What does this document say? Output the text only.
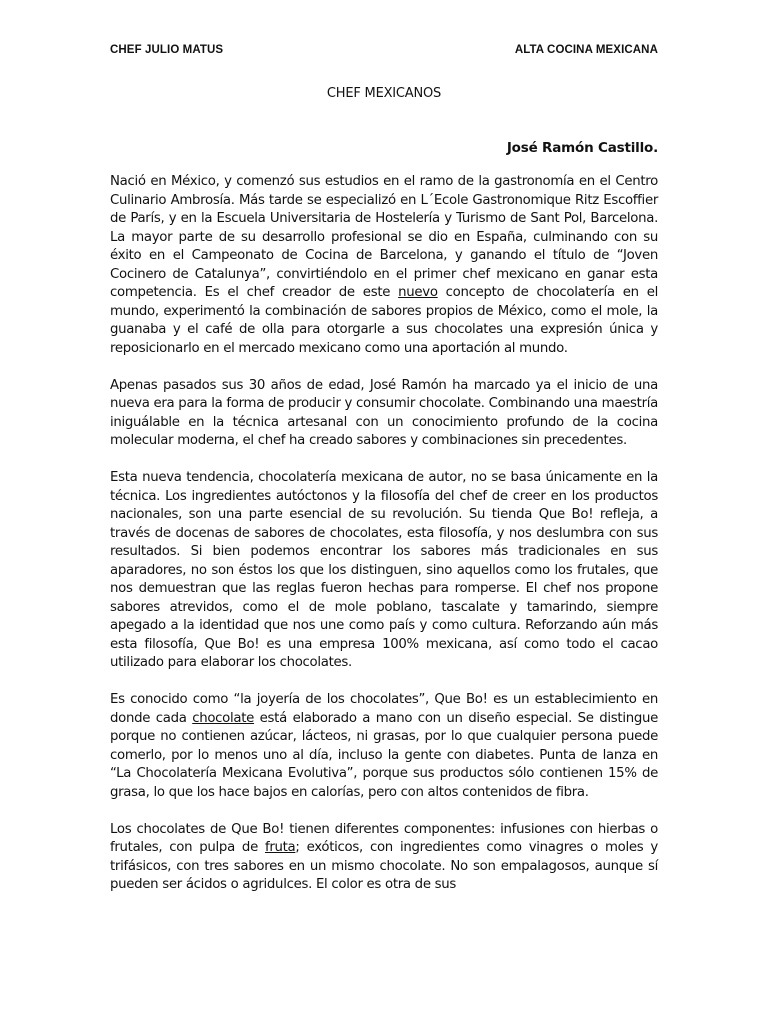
CHEF JULIO MATUS	ALTA COCINA MEXICANA
CHEF MEXICANOS
José Ramón Castillo.

Nació en México, y comenzó sus estudios en el ramo de la gastronomía en el Centro Culinario Ambrosía. Más tarde se especializó en L´Ecole Gastronomique Ritz Escoffier de París, y en la Escuela Universitaria de Hostelería y Turismo de Sant Pol, Barcelona. La mayor parte de su desarrollo profesional se dio en España, culminando con su éxito en el Campeonato de Cocina de Barcelona, y ganando el título de “Joven Cocinero de Catalunya”, convirtiéndolo en el primer chef mexicano en ganar esta competencia. Es el chef creador de este nuevo concepto de chocolatería en el mundo, experimentó la combinación de sabores propios de México, como el mole, la guanaba y el café de olla para otorgarle a sus chocolates una expresión única y reposicionarlo en el mercado mexicano como una aportación al mundo.

Apenas pasados sus 30 años de edad, José Ramón ha marcado ya el inicio de una nueva era para la forma de producir y consumir chocolate. Combinando una maestría iniguálable en la técnica artesanal con un conocimiento profundo de la cocina molecular moderna, el chef ha creado sabores y combinaciones sin precedentes.

Esta nueva tendencia, chocolatería mexicana de autor, no se basa únicamente en la técnica. Los ingredientes autóctonos y la filosofía del chef de creer en los productos nacionales, son una parte esencial de su revolución. Su tienda Que Bo! refleja, a través de docenas de sabores de chocolates, esta filosofía, y nos deslumbra con sus resultados. Si bien podemos encontrar los sabores más tradicionales en sus aparadores, no son éstos los que los distinguen, sino aquellos como los frutales, que nos demuestran que las reglas fueron hechas para romperse. El chef nos propone sabores atrevidos, como el de mole poblano, tascalate y tamarindo, siempre apegado a la identidad que nos une como país y como cultura. Reforzando aún más esta filosofía, Que Bo! es una empresa 100% mexicana, así como todo el cacao utilizado para elaborar los chocolates.

Es conocido como “la joyería de los chocolates”, Que Bo! es un establecimiento en donde cada chocolate está elaborado a mano con un diseño especial. Se distingue porque no contienen azúcar, lácteos, ni grasas, por lo que cualquier persona puede comerlo, por lo menos uno al día, incluso la gente con diabetes. Punta de lanza en “La Chocolatería Mexicana Evolutiva”, porque sus productos sólo contienen 15% de grasa, lo que los hace bajos en calorías, pero con altos contenidos de fibra.

Los chocolates de Que Bo! tienen diferentes componentes: infusiones con hierbas o frutales, con pulpa de fruta; exóticos, con ingredientes como vinagres o moles y trifásicos, con tres sabores en un mismo chocolate. No son empalagosos, aunque sí pueden ser ácidos o agridulces. El color es otra de sus
